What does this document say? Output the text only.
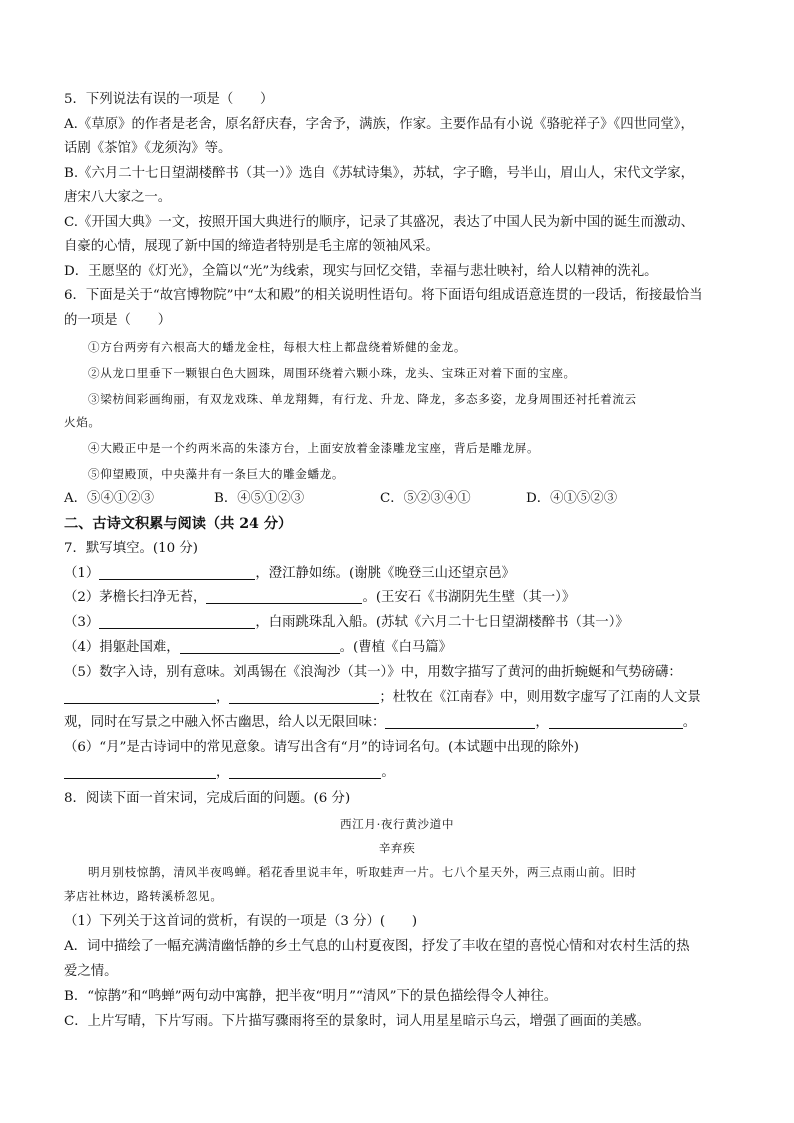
5．下列说法有误的一项是（　　）
A.《草原》的作者是老舍，原名舒庆春，字舍予，满族，作家。主要作品有小说《骆驼祥子》《四世同堂》，
话剧《茶馆》《龙须沟》等。
B.《六月二十七日望湖楼醉书（其一）》选自《苏轼诗集》，苏轼，字子瞻，号半山，眉山人，宋代文学家，
唐宋八大家之一。
C.《开国大典》一文，按照开国大典进行的顺序，记录了其盛况，表达了中国人民为新中国的诞生而激动、
自豪的心情，展现了新中国的缔造者特别是毛主席的领袖风采。
D．王愿坚的《灯光》，全篇以“光”为线索，现实与回忆交错，幸福与悲壮映衬，给人以精神的洗礼。
6．下面是关于“故宫博物院”中“太和殿”的相关说明性语句。将下面语句组成语意连贯的一段话，衔接最恰当
的一项是（　　）
①方台两旁有六根高大的蟠龙金柱，每根大柱上都盘绕着矫健的金龙。
②从龙口里垂下一颗银白色大圆珠，周围环绕着六颗小珠，龙头、宝珠正对着下面的宝座。
③梁枋间彩画绚丽，有双龙戏珠、单龙翔舞，有行龙、升龙、降龙，多态多姿，龙身周围还衬托着流云
火焰。
④大殿正中是一个约两米高的朱漆方台，上面安放着金漆雕龙宝座，背后是雕龙屏。
⑤仰望殿顶，中央藻井有一条巨大的雕金蟠龙。
A．⑤④①②③	B．④⑤①②③	C．⑤②③④①	D．④①⑤②③
二、古诗文积累与阅读（共 24 分）
7．默写填空。(10 分)
（1）	，澄江静如练。(谢朓《晚登三山还望京邑》
（2）茅檐长扫净无苔，	。(王安石《书湖阴先生壁（其一）》
（3）	，白雨跳珠乱入船。(苏轼《六月二十七日望湖楼醉书（其一）》
（4）捐躯赴国难，	。(曹植《白马篇》
（5）数字入诗，别有意味。刘禹锡在《浪淘沙（其一）》中，用数字描写了黄河的曲折蜿蜒和气势磅礴：
，	；杜牧在《江南春》中，则用数字虚写了江南的人文景
观，同时在写景之中融入怀古幽思，给人以无限回味：	，	。
（6）“月”是古诗词中的常见意象。请写出含有“月”的诗词名句。(本试题中出现的除外)
，	。
8．阅读下面一首宋词，完成后面的问题。(6 分)
西江月·夜行黄沙道中
辛弃疾
明月别枝惊鹊，清风半夜鸣蝉。稻花香里说丰年，听取蛙声一片。七八个星天外，两三点雨山前。旧时
茅店社林边，路转溪桥忽见。
（1）下列关于这首词的赏析，有误的一项是（3 分）(　　)
A．词中描绘了一幅充满清幽恬静的乡土气息的山村夏夜图，抒发了丰收在望的喜悦心情和对农村生活的热
爱之情。
B．“惊鹊”和“鸣蝉”两句动中寓静，把半夜“明月”“清风”下的景色描绘得令人神往。
C．上片写晴，下片写雨。下片描写骤雨将至的景象时，词人用星星暗示乌云，增强了画面的美感。
